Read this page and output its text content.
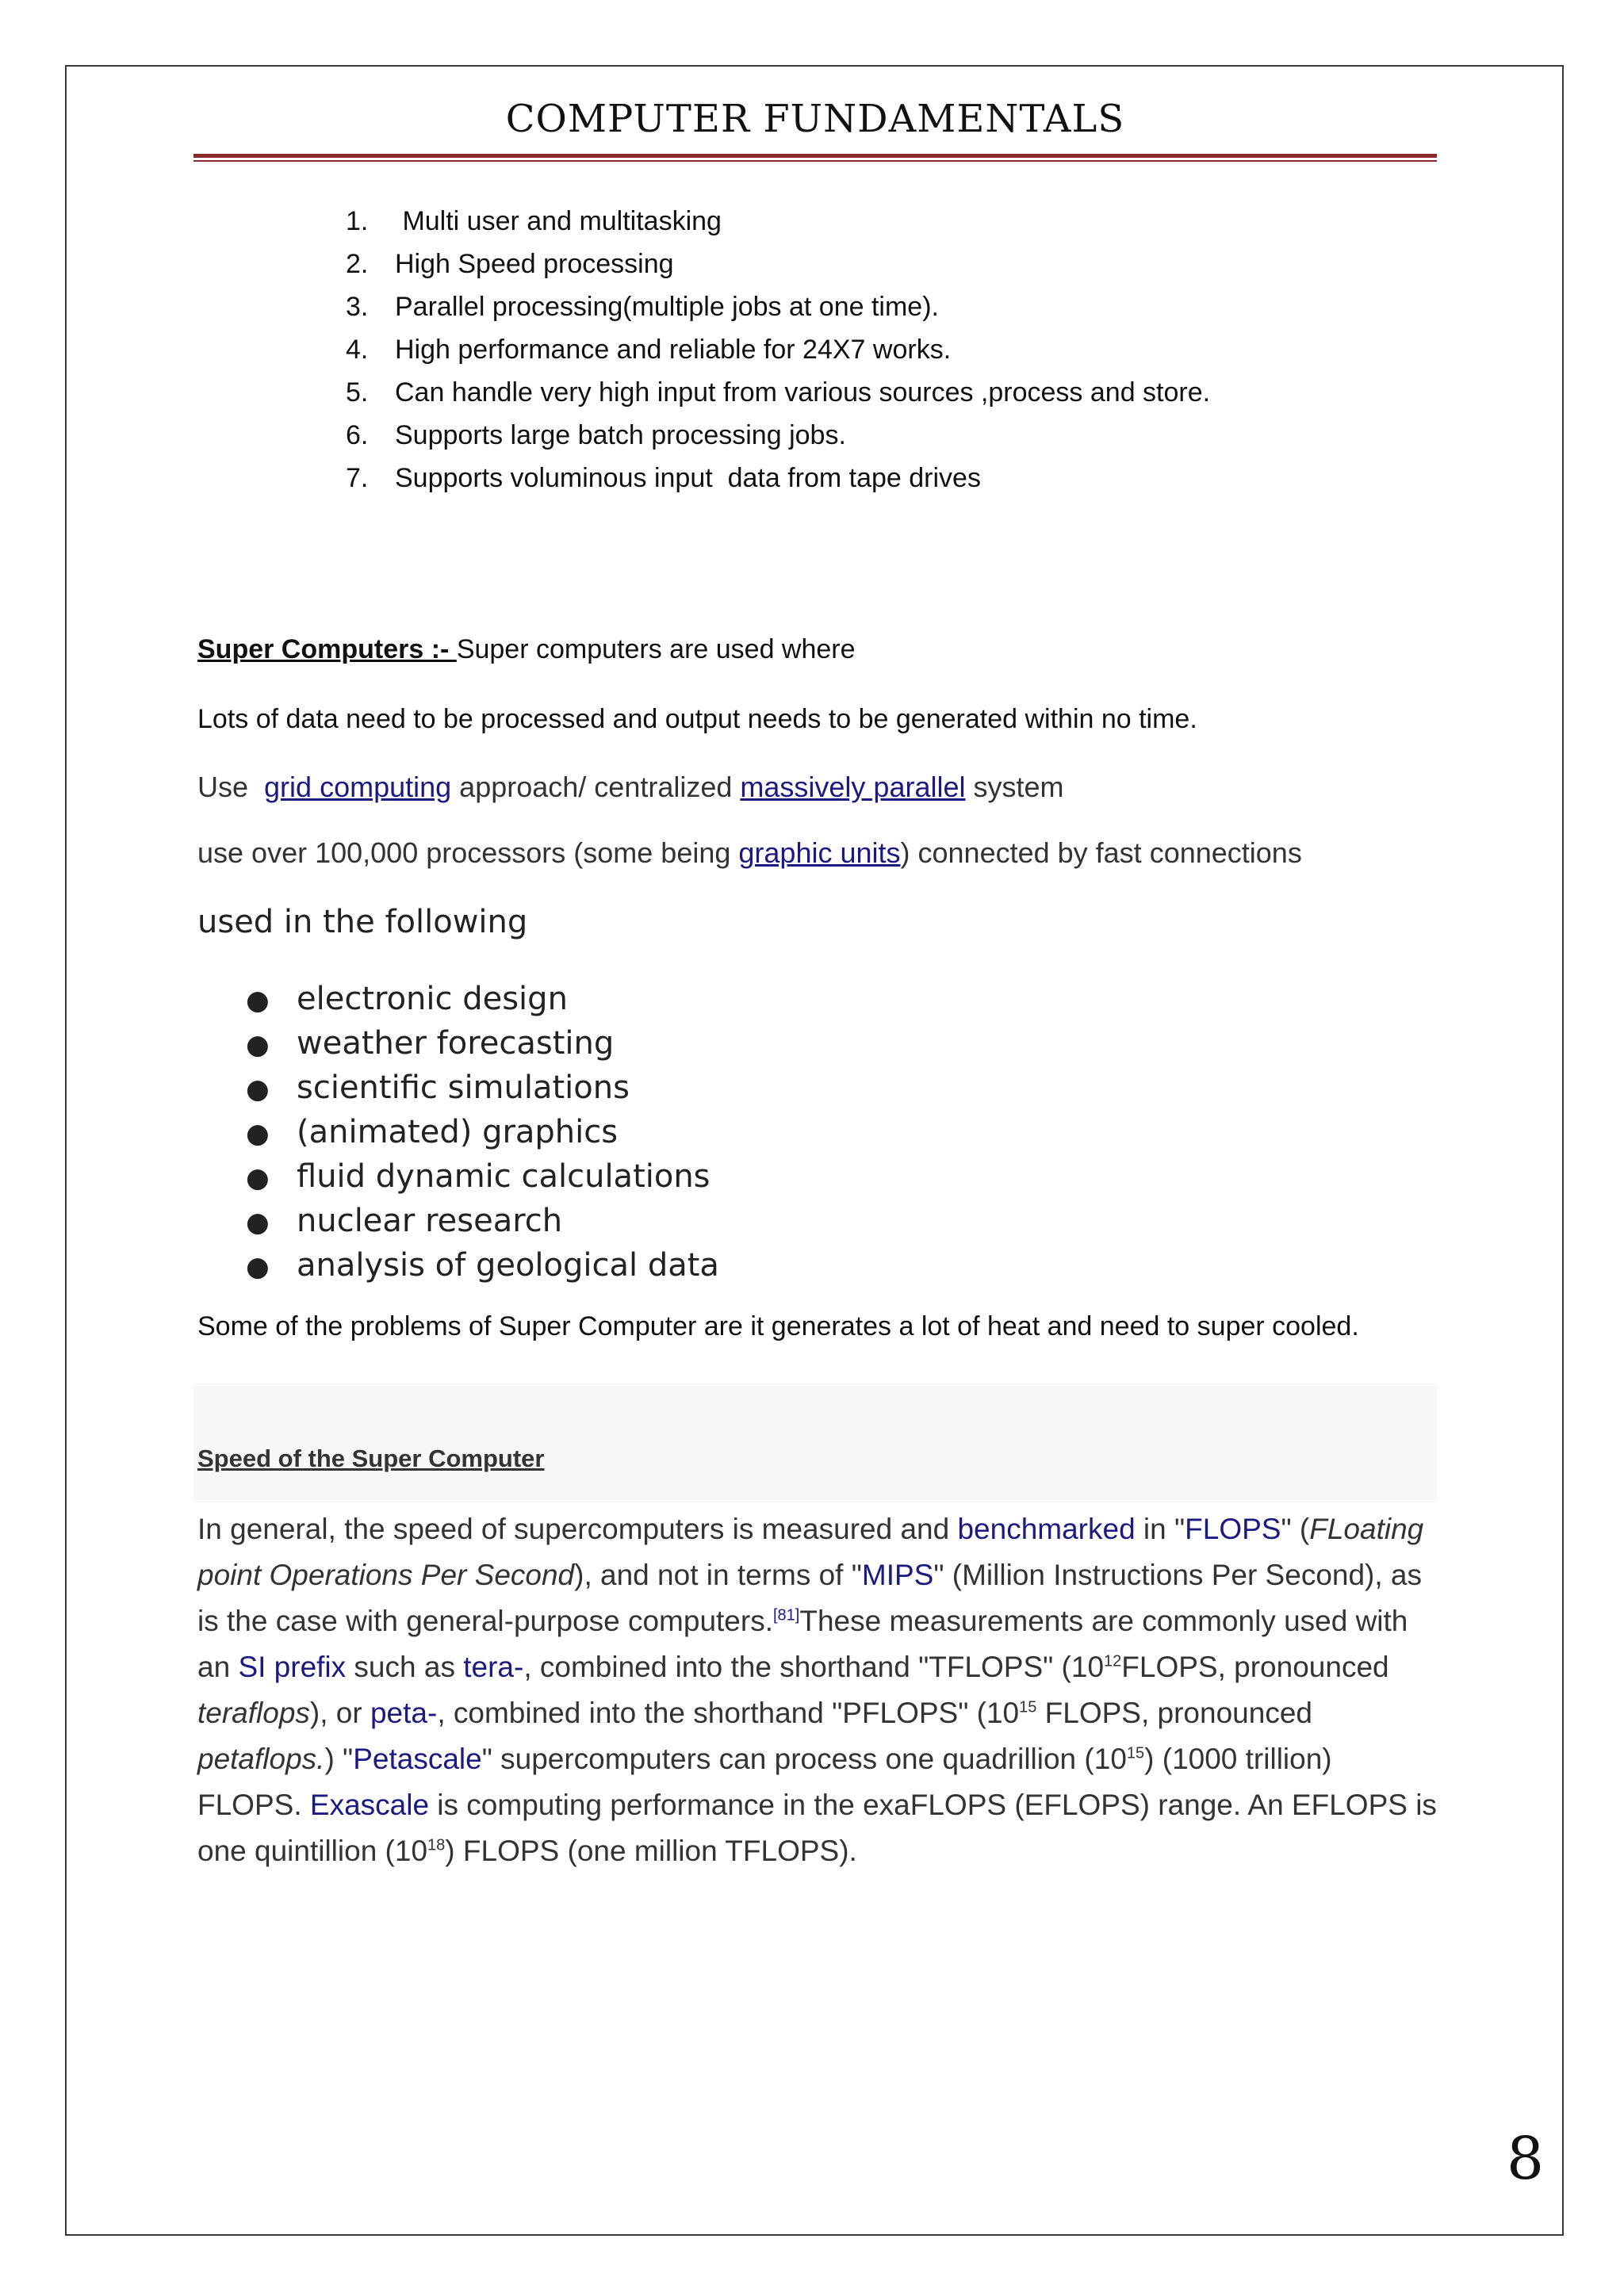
COMPUTER FUNDAMENTALS
1. Multi user and multitasking
2. High Speed processing
3. Parallel processing(multiple jobs at one time).
4. High performance and reliable for 24X7 works.
5. Can handle very high input from various sources ,process and store.
6. Supports large batch processing jobs.
7. Supports voluminous input  data from tape drives
Super Computers :- Super computers are used where
Lots of data need to be processed and output needs to be generated within no time.
Use  grid computing approach/ centralized massively parallel system
use over 100,000 processors (some being graphic units) connected by fast connections
used in the following
● electronic design
● weather forecasting
● scientific simulations
● (animated) graphics
● fluid dynamic calculations
● nuclear research
● analysis of geological data
Some of the problems of Super Computer are it generates a lot of heat and need to super cooled.
Speed of the Super Computer

In general, the speed of supercomputers is measured and benchmarked in "FLOPS" (FLoating point Operations Per Second), and not in terms of "MIPS" (Million Instructions Per Second), as is the case with general-purpose computers.[81]These measurements are commonly used with an SI prefix such as tera-, combined into the shorthand "TFLOPS" ($10^{12}FLOPS$, pronounced teraflops), or peta-, combined into the shorthand "PFLOPS" ($10^{15}$ FLOPS, pronounced petaflops.) "Petascale" supercomputers can process one quadrillion $(10^{15})$ (1000 trillion) FLOPS. Exascale is computing performance in the exaFLOPS (EFLOPS) range. An EFLOPS is one quintillion $(10^{18})$ FLOPS (one million TFLOPS).

8
